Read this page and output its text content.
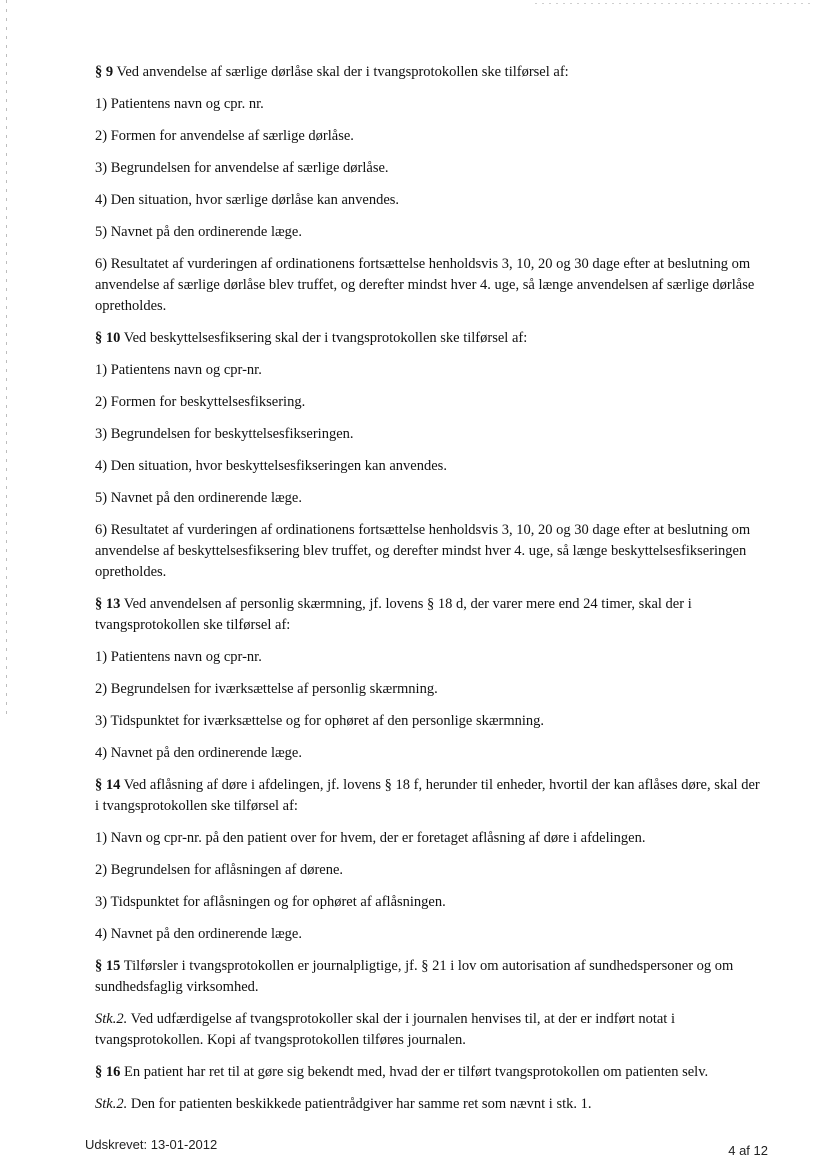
§ 9 Ved anvendelse af særlige dørlåse skal der i tvangsprotokollen ske tilførsel af:

1) Patientens navn og cpr. nr.

2) Formen for anvendelse af særlige dørlåse.

3) Begrundelsen for anvendelse af særlige dørlåse.

4) Den situation, hvor særlige dørlåse kan anvendes.

5) Navnet på den ordinerende læge.

6) Resultatet af vurderingen af ordinationens fortsættelse henholdsvis 3, 10, 20 og 30 dage efter at beslutning om anvendelse af særlige dørlåse blev truffet, og derefter mindst hver 4. uge, så længe anvendelsen af særlige dørlåse opretholdes.

§ 10 Ved beskyttelsesfiksering skal der i tvangsprotokollen ske tilførsel af:

1) Patientens navn og cpr-nr.

2) Formen for beskyttelsesfiksering.

3) Begrundelsen for beskyttelsesfikseringen.

4) Den situation, hvor beskyttelsesfikseringen kan anvendes.

5) Navnet på den ordinerende læge.

6) Resultatet af vurderingen af ordinationens fortsættelse henholdsvis 3, 10, 20 og 30 dage efter at beslutning om anvendelse af beskyttelsesfiksering blev truffet, og derefter mindst hver 4. uge, så længe beskyttelsesfikseringen opretholdes.

§ 13 Ved anvendelsen af personlig skærmning, jf. lovens § 18 d, der varer mere end 24 timer, skal der i tvangsprotokollen ske tilførsel af:

1) Patientens navn og cpr-nr.

2) Begrundelsen for iværksættelse af personlig skærmning.

3) Tidspunktet for iværksættelse og for ophøret af den personlige skærmning.

4) Navnet på den ordinerende læge.

§ 14 Ved aflåsning af døre i afdelingen, jf. lovens § 18 f, herunder til enheder, hvortil der kan aflåses døre, skal der i tvangsprotokollen ske tilførsel af:

1) Navn og cpr-nr. på den patient over for hvem, der er foretaget aflåsning af døre i afdelingen.

2) Begrundelsen for aflåsningen af dørene.

3) Tidspunktet for aflåsningen og for ophøret af aflåsningen.

4) Navnet på den ordinerende læge.

§ 15 Tilførsler i tvangsprotokollen er journalpligtige, jf. § 21 i lov om autorisation af sundhedspersoner og om sundhedsfaglig virksomhed.

Stk.2. Ved udfærdigelse af tvangsprotokoller skal der i journalen henvises til, at der er indført notat i tvangsprotokollen. Kopi af tvangsprotokollen tilføres journalen.

§ 16 En patient har ret til at gøre sig bekendt med, hvad der er tilført tvangsprotokollen om patienten selv.

Stk.2. Den for patienten beskikkede patientrådgiver har samme ret som nævnt i stk. 1.

Udskrevet: 13-01-2012	4 af 12
